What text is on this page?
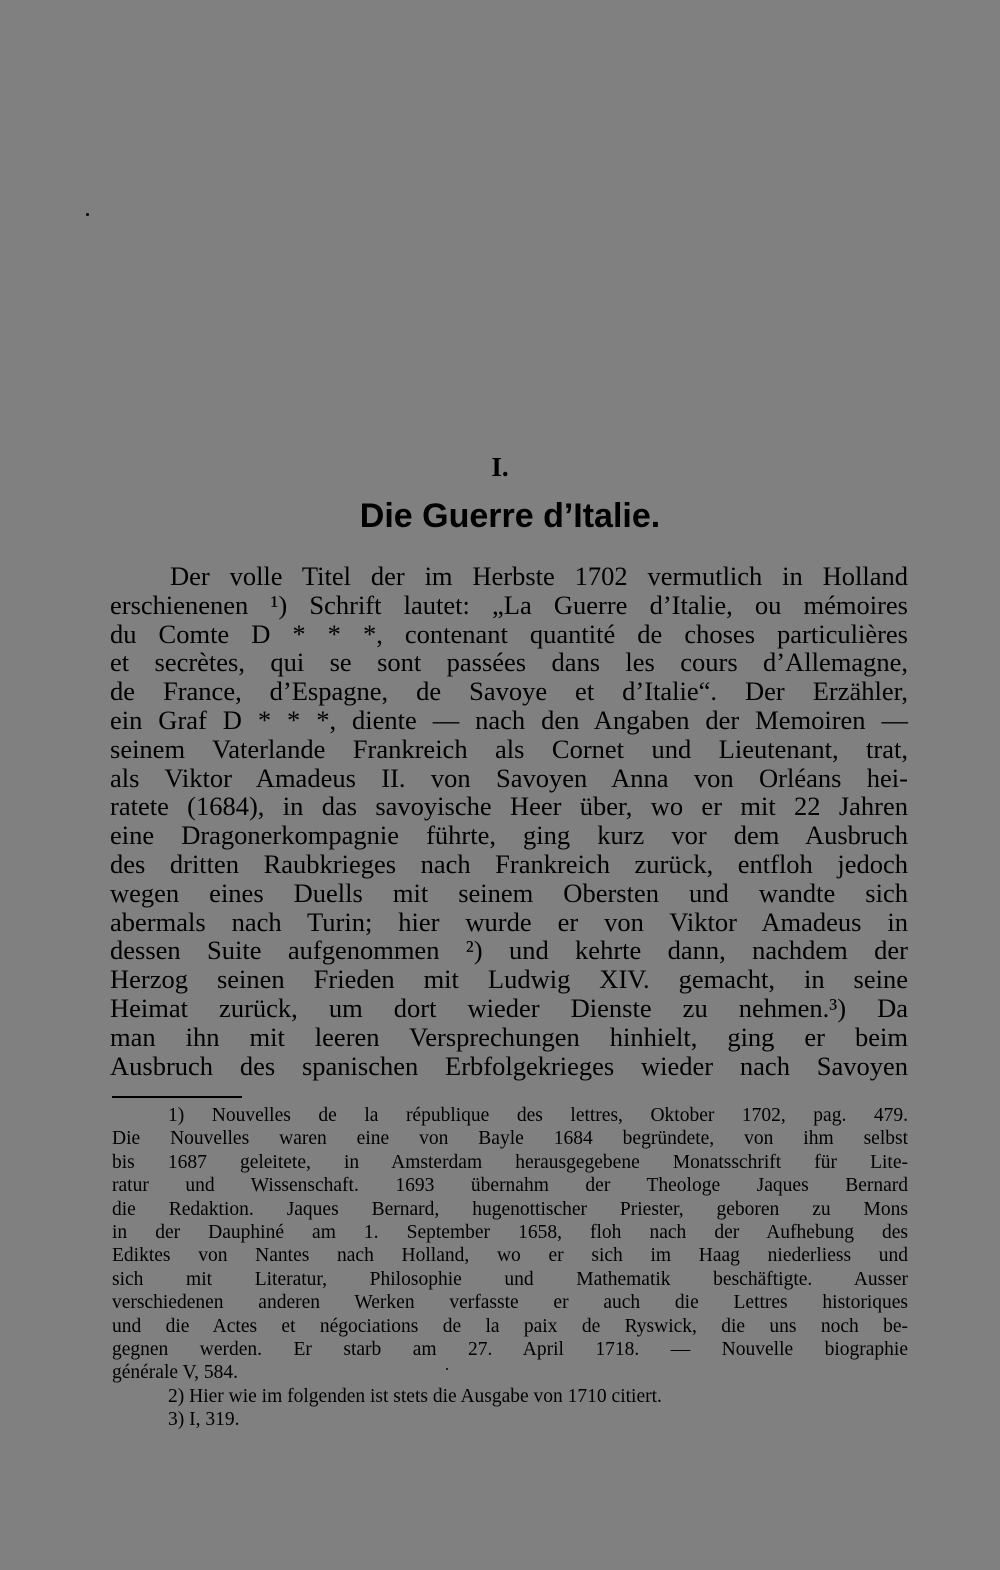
I.
Die Guerre d’Italie.
Der volle Titel der im Herbste 1702 vermutlich in Holland
erschienenen ¹) Schrift lautet: „La Guerre d’Italie, ou mémoires
du Comte D * * *, contenant quantité de choses particulières
et secrètes, qui se sont passées dans les cours d’Allemagne,
de France, d’Espagne, de Savoye et d’Italie“. Der Erzähler,
ein Graf D * * *, diente — nach den Angaben der Memoiren —
seinem Vaterlande Frankreich als Cornet und Lieutenant, trat,
als Viktor Amadeus II. von Savoyen Anna von Orléans hei-
ratete (1684), in das savoyische Heer über, wo er mit 22 Jahren
eine Dragonerkompagnie führte, ging kurz vor dem Ausbruch
des dritten Raubkrieges nach Frankreich zurück, entfloh jedoch
wegen eines Duells mit seinem Obersten und wandte sich
abermals nach Turin; hier wurde er von Viktor Amadeus in
dessen Suite aufgenommen ²) und kehrte dann, nachdem der
Herzog seinen Frieden mit Ludwig XIV. gemacht, in seine
Heimat zurück, um dort wieder Dienste zu nehmen.³) Da
man ihn mit leeren Versprechungen hinhielt, ging er beim
Ausbruch des spanischen Erbfolgekrieges wieder nach Savoyen
1) Nouvelles de la république des lettres, Oktober 1702, pag. 479.
Die Nouvelles waren eine von Bayle 1684 begründete, von ihm selbst
bis 1687 geleitete, in Amsterdam herausgegebene Monatsschrift für Lite-
ratur und Wissenschaft. 1693 übernahm der Theologe Jaques Bernard
die Redaktion. Jaques Bernard, hugenottischer Priester, geboren zu Mons
in der Dauphiné am 1. September 1658, floh nach der Aufhebung des
Ediktes von Nantes nach Holland, wo er sich im Haag niederliess und
sich mit Literatur, Philosophie und Mathematik beschäftigte. Ausser
verschiedenen anderen Werken verfasste er auch die Lettres historiques
und die Actes et négociations de la paix de Ryswick, die uns noch be-
gegnen werden. Er starb am 27. April 1718. — Nouvelle biographie
générale V, 584.
2) Hier wie im folgenden ist stets die Ausgabe von 1710 citiert.
3) I, 319.
